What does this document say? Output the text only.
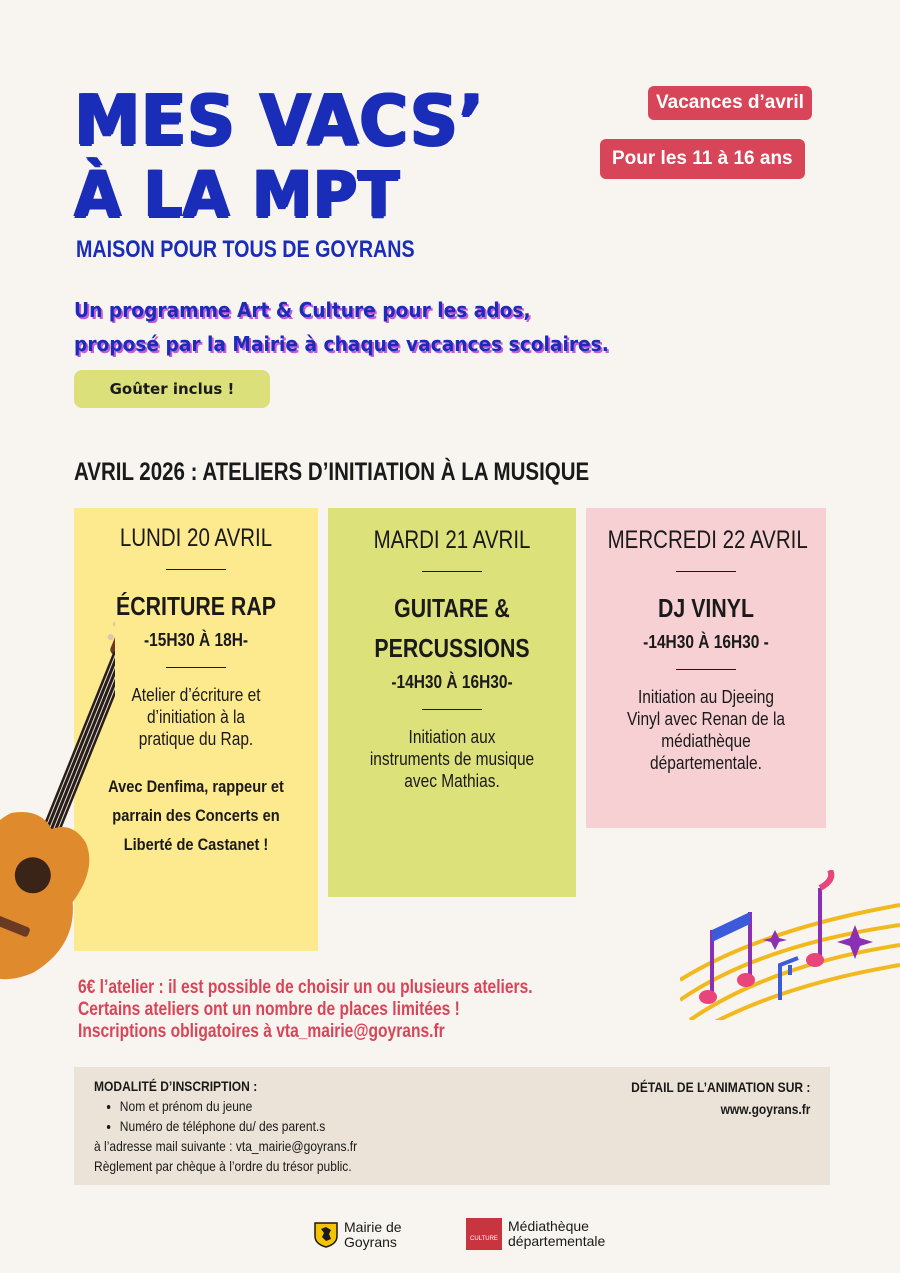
MES VACS’
À LA MPT
MAISON POUR TOUS DE GOYRANS
Vacances d’avril
Pour les 11 à 16 ans
Un programme Art & Culture pour les ados,
proposé par la Mairie à chaque vacances scolaires.
Goûter inclus !
AVRIL 2026 : ATELIERS D’INITIATION À LA MUSIQUE
LUNDI 20 AVRIL
ÉCRITURE RAP
-15H30 À 18H-
Atelier d’écriture et
d’initiation à la
pratique du Rap.
Avec Denfima, rappeur et
parrain des Concerts en
Liberté de Castanet !
MARDI 21 AVRIL
GUITARE &
PERCUSSIONS
-14H30 À 16H30-
Initiation aux
instruments de musique
avec Mathias.
MERCREDI 22 AVRIL
DJ VINYL
-14H30 À 16H30 -
Initiation au Djeeing
Vinyl avec Renan de la
médiathèque
départementale.
6€ l’atelier : il est possible de choisir un ou plusieurs ateliers.
Certains ateliers ont un nombre de places limitées !
Inscriptions obligatoires à vta_mairie@goyrans.fr
MODALITÉ D’INSCRIPTION :
• Nom et prénom du jeune
• Numéro de téléphone du/ des parent.s
à l’adresse mail suivante : vta_mairie@goyrans.fr
Règlement par chèque à l’ordre du trésor public.
DÉTAIL DE L’ANIMATION SUR :
www.goyrans.fr
Mairie de
Goyrans	CULTURE
Médiathèque
départementale
